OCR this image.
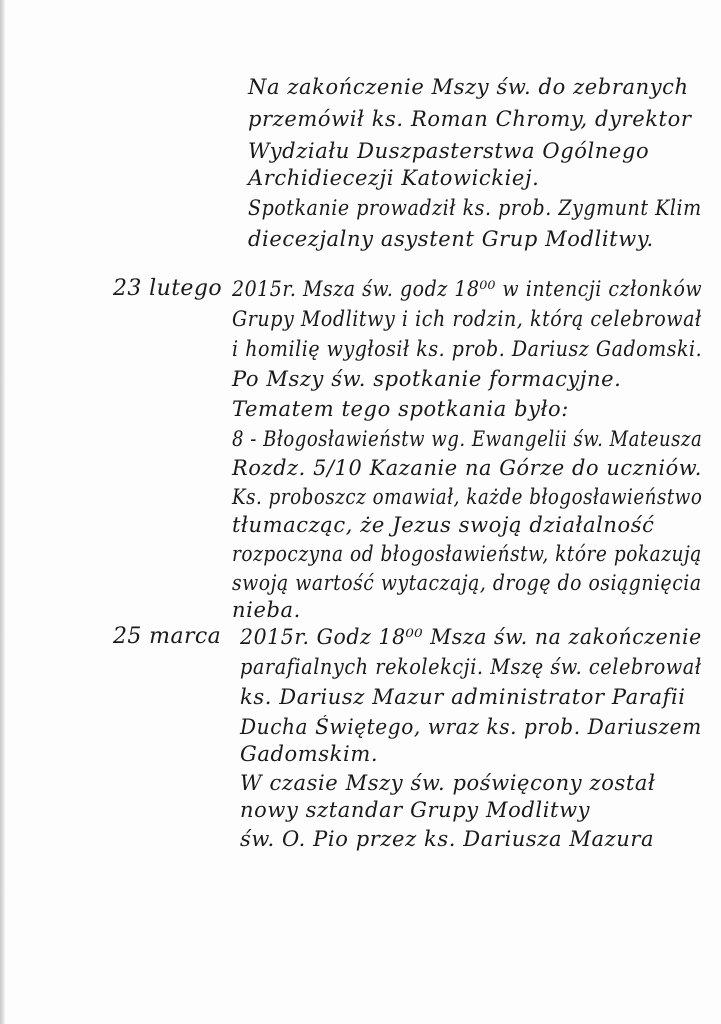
Na zakończenie Mszy św. do zebranych
przemówił ks. Roman Chromy, dyrektor
Wydziału Duszpasterstwa Ogólnego
Archidiecezji Katowickiej.
Spotkanie prowadził ks. prob. Zygmunt Klim
diecezjalny asystent Grup Modlitwy.
23 lutego 2015r. Msza św. godz 18⁰⁰ w intencji członków
Grupy Modlitwy i ich rodzin, którą celebrował
i homilię wygłosił ks. prob. Dariusz Gadomski.
Po Mszy św. spotkanie formacyjne.
Tematem tego spotkania było:
8 - Błogosławieństw wg. Ewangelii św. Mateusza
Rozdz. 5/10 Kazanie na Górze do uczniów.
Ks. proboszcz omawiał, każde błogosławieństwo
tłumacząc, że Jezus swoją działalność
rozpoczyna od błogosławieństw, które pokazują
swoją wartość wytaczają, drogę do osiągnięcia
nieba.
25 marca 2015r. Godz 18⁰⁰ Msza św. na zakończenie
parafialnych rekolekcji. Mszę św. celebrował
ks. Dariusz Mazur administrator Parafii
Ducha Świętego, wraz ks. prob. Dariuszem
Gadomskim.
W czasie Mszy św. poświęcony został
nowy sztandar Grupy Modlitwy
św. O. Pio przez ks. Dariusza Mazura
